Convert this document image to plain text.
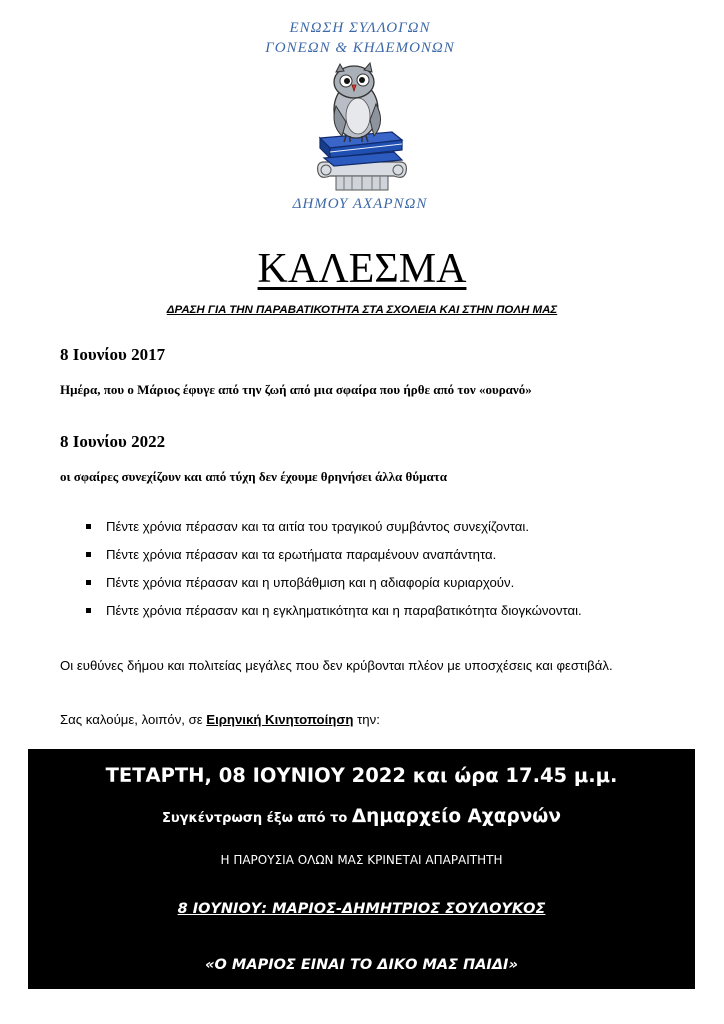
ΕΝΩΣΗ ΣΥΛΛΟΓΩΝ
ΓΟΝΕΩΝ & ΚΗΔΕΜΟΝΩΝ
ΔΗΜΟΥ ΑΧΑΡΝΩΝ
ΚΑΛΕΣΜΑ
ΔΡΑΣΗ ΓΙΑ ΤΗΝ ΠΑΡΑΒΑΤΙΚΟΤΗΤΑ ΣΤΑ ΣΧΟΛΕΙΑ ΚΑΙ ΣΤΗΝ ΠΟΛΗ ΜΑΣ
8 Ιουνίου 2017
Ημέρα, που ο Μάριος έφυγε από την ζωή από μια σφαίρα που ήρθε από τον «ουρανό»
8 Ιουνίου 2022
οι σφαίρες συνεχίζουν και από τύχη δεν έχουμε θρηνήσει άλλα θύματα
Πέντε χρόνια πέρασαν και τα αιτία του τραγικού συμβάντος συνεχίζονται.
Πέντε χρόνια πέρασαν και τα ερωτήματα παραμένουν αναπάντητα.
Πέντε χρόνια πέρασαν και η υποβάθμιση και η αδιαφορία κυριαρχούν.
Πέντε χρόνια πέρασαν και η εγκληματικότητα και η παραβατικότητα διογκώνονται.
Οι ευθύνες δήμου και πολιτείας μεγάλες που δεν κρύβονται πλέον με υποσχέσεις και φεστιβάλ.
Σας καλούμε, λοιπόν, σε Ειρηνική Κινητοποίηση την:
ΤΕΤΑΡΤΗ, 08 ΙΟΥΝΙΟΥ 2022 και ώρα 17.45 μ.μ.
Συγκέντρωση έξω από το Δημαρχείο Αχαρνών
Η ΠΑΡΟΥΣΙΑ ΟΛΩΝ ΜΑΣ ΚΡΙΝΕΤΑΙ ΑΠΑΡΑΙΤΗΤΗ
8 ΙΟΥΝΙΟΥ: ΜΑΡΙΟΣ-ΔΗΜΗΤΡΙΟΣ ΣΟΥΛΟΥΚΟΣ
«Ο ΜΑΡΙΟΣ ΕΙΝΑΙ ΤΟ ΔΙΚΟ ΜΑΣ ΠΑΙΔΙ»
